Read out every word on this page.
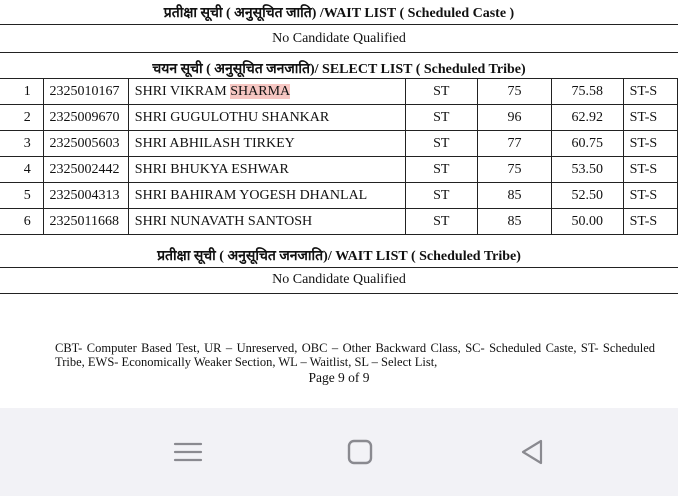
प्रतीक्षा सूची ( अनुसूचित जाति) /WAIT LIST ( Scheduled Caste )
No Candidate Qualified
चयन सूची ( अनुसूचित जनजाति)/ SELECT LIST ( Scheduled Tribe)
1	2325010167	SHRI VIKRAM SHARMA	ST	75	75.58	ST-S
2	2325009670	SHRI GUGULOTHU SHANKAR	ST	96	62.92	ST-S
3	2325005603	SHRI ABHILASH TIRKEY	ST	77	60.75	ST-S
4	2325002442	SHRI BHUKYA ESHWAR	ST	75	53.50	ST-S
5	2325004313	SHRI BAHIRAM YOGESH DHANLAL	ST	85	52.50	ST-S
6	2325011668	SHRI NUNAVATH SANTOSH	ST	85	50.00	ST-S
प्रतीक्षा सूची ( अनुसूचित जनजाति)/ WAIT LIST ( Scheduled Tribe)
No Candidate Qualified
CBT- Computer Based Test, UR – Unreserved, OBC – Other Backward Class, SC- Scheduled Caste, ST- Scheduled Tribe, EWS- Economically Weaker Section, WL – Waitlist, SL – Select List,
Page 9 of 9
